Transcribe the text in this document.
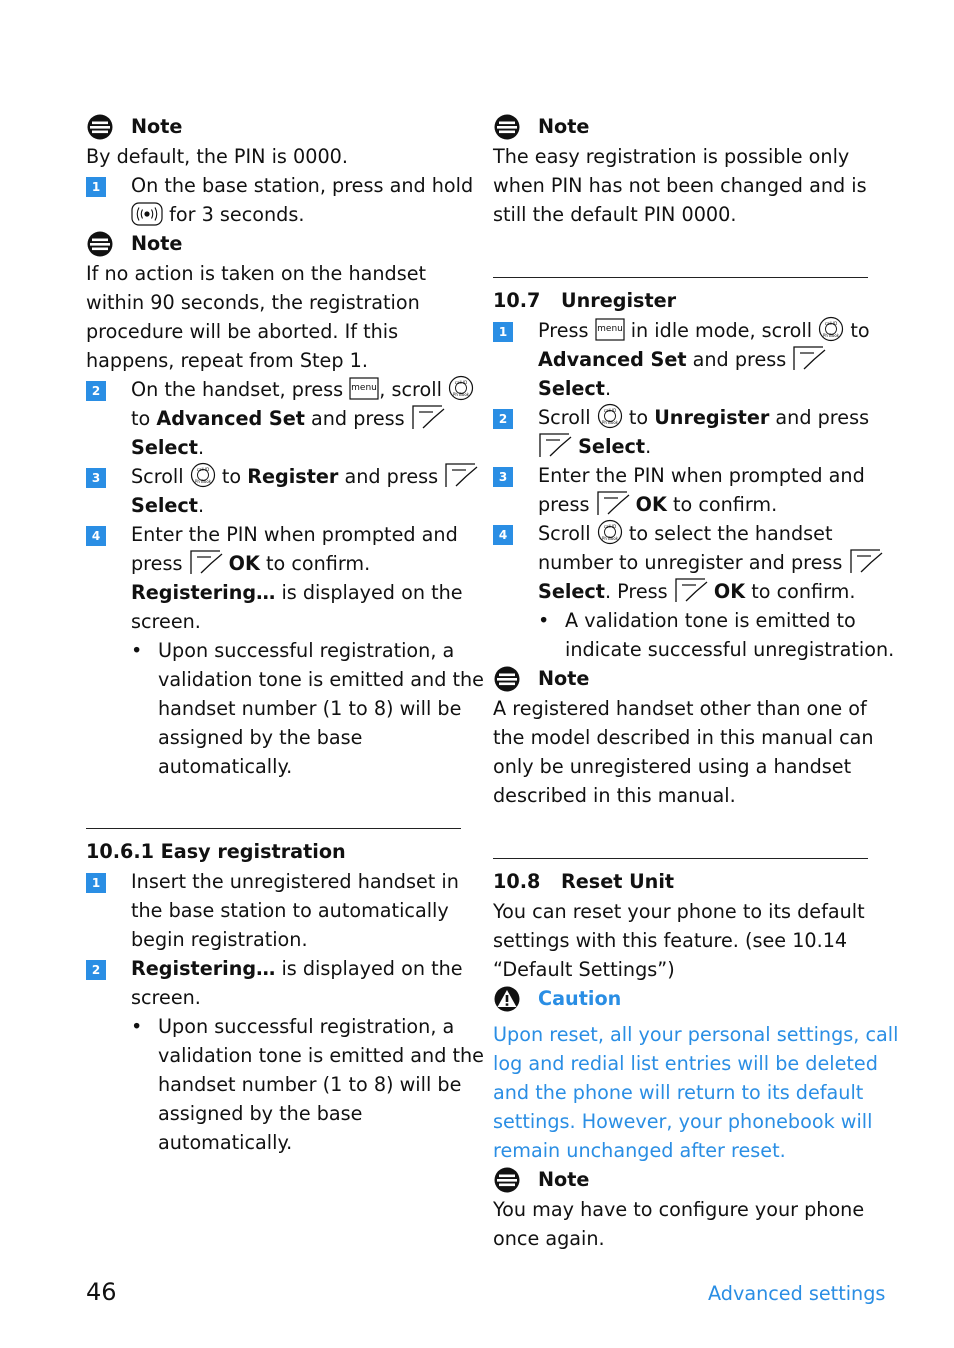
Note
By default, the PIN is 0000.
1	On the base station, press and hold
for 3 seconds.
Note
If no action is taken on the handset
within 90 seconds, the registration
procedure will be aborted. If this
happens, repeat from Step 1.
2	On the handset, press menu , scroll	call ID
Ph Book
to Advanced Set and press
Select.
3	Scroll	call ID
Ph Book to Register and press
Select.
4	Enter the PIN when prompted and
press OK to confirm.
Registering… is displayed on the
screen.
• Upon successful registration, a
validation tone is emitted and the
handset number (1 to 8) will be
assigned by the base
automatically.
10.6.1 Easy registration
1	Insert the unregistered handset in
the base station to automatically
begin registration.
2	Registering… is displayed on the
screen.
• Upon successful registration, a
validation tone is emitted and the
handset number (1 to 8) will be
assigned by the base
automatically.
Note
The easy registration is possible only
when PIN has not been changed and is
still the default PIN 0000.
10.7 Unregister
1	Press menu in idle mode, scroll	call ID
Ph Book to
Advanced Set and press
Select.
2	Scroll	call ID
Ph Book to Unregister and press
Select.
3	Enter the PIN when prompted and
press OK to confirm.
4	Scroll	call ID
Ph Book to select the handset
number to unregister and press
Select. Press OK to confirm.
• A validation tone is emitted to
indicate successful unregistration.
Note
A registered handset other than one of
the model described in this manual can
only be unregistered using a handset
described in this manual.
10.8 Reset Unit
You can reset your phone to its default
settings with this feature. (see 10.14
“Default Settings”)
Caution
Upon reset, all your personal settings, call
log and redial list entries will be deleted
and the phone will return to its default
settings. However, your phonebook will
remain unchanged after reset.
Note
You may have to configure your phone
once again.
46	Advanced settings
